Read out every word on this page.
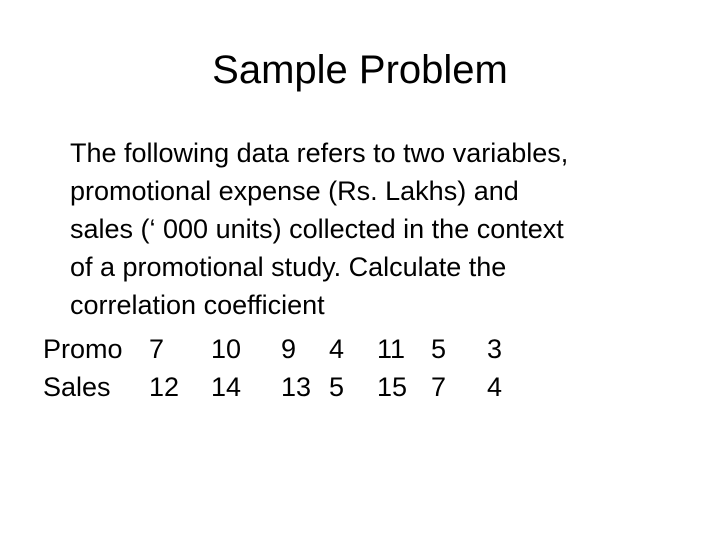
Sample Problem

The following data refers to two variables,
promotional expense (Rs. Lakhs) and
sales (‘ 000 units) collected in the context
of a promotional study. Calculate the
correlation coefficient

Promo	7	10	9	4	11	5	3
Sales	12	14	13	5	15	7	4
